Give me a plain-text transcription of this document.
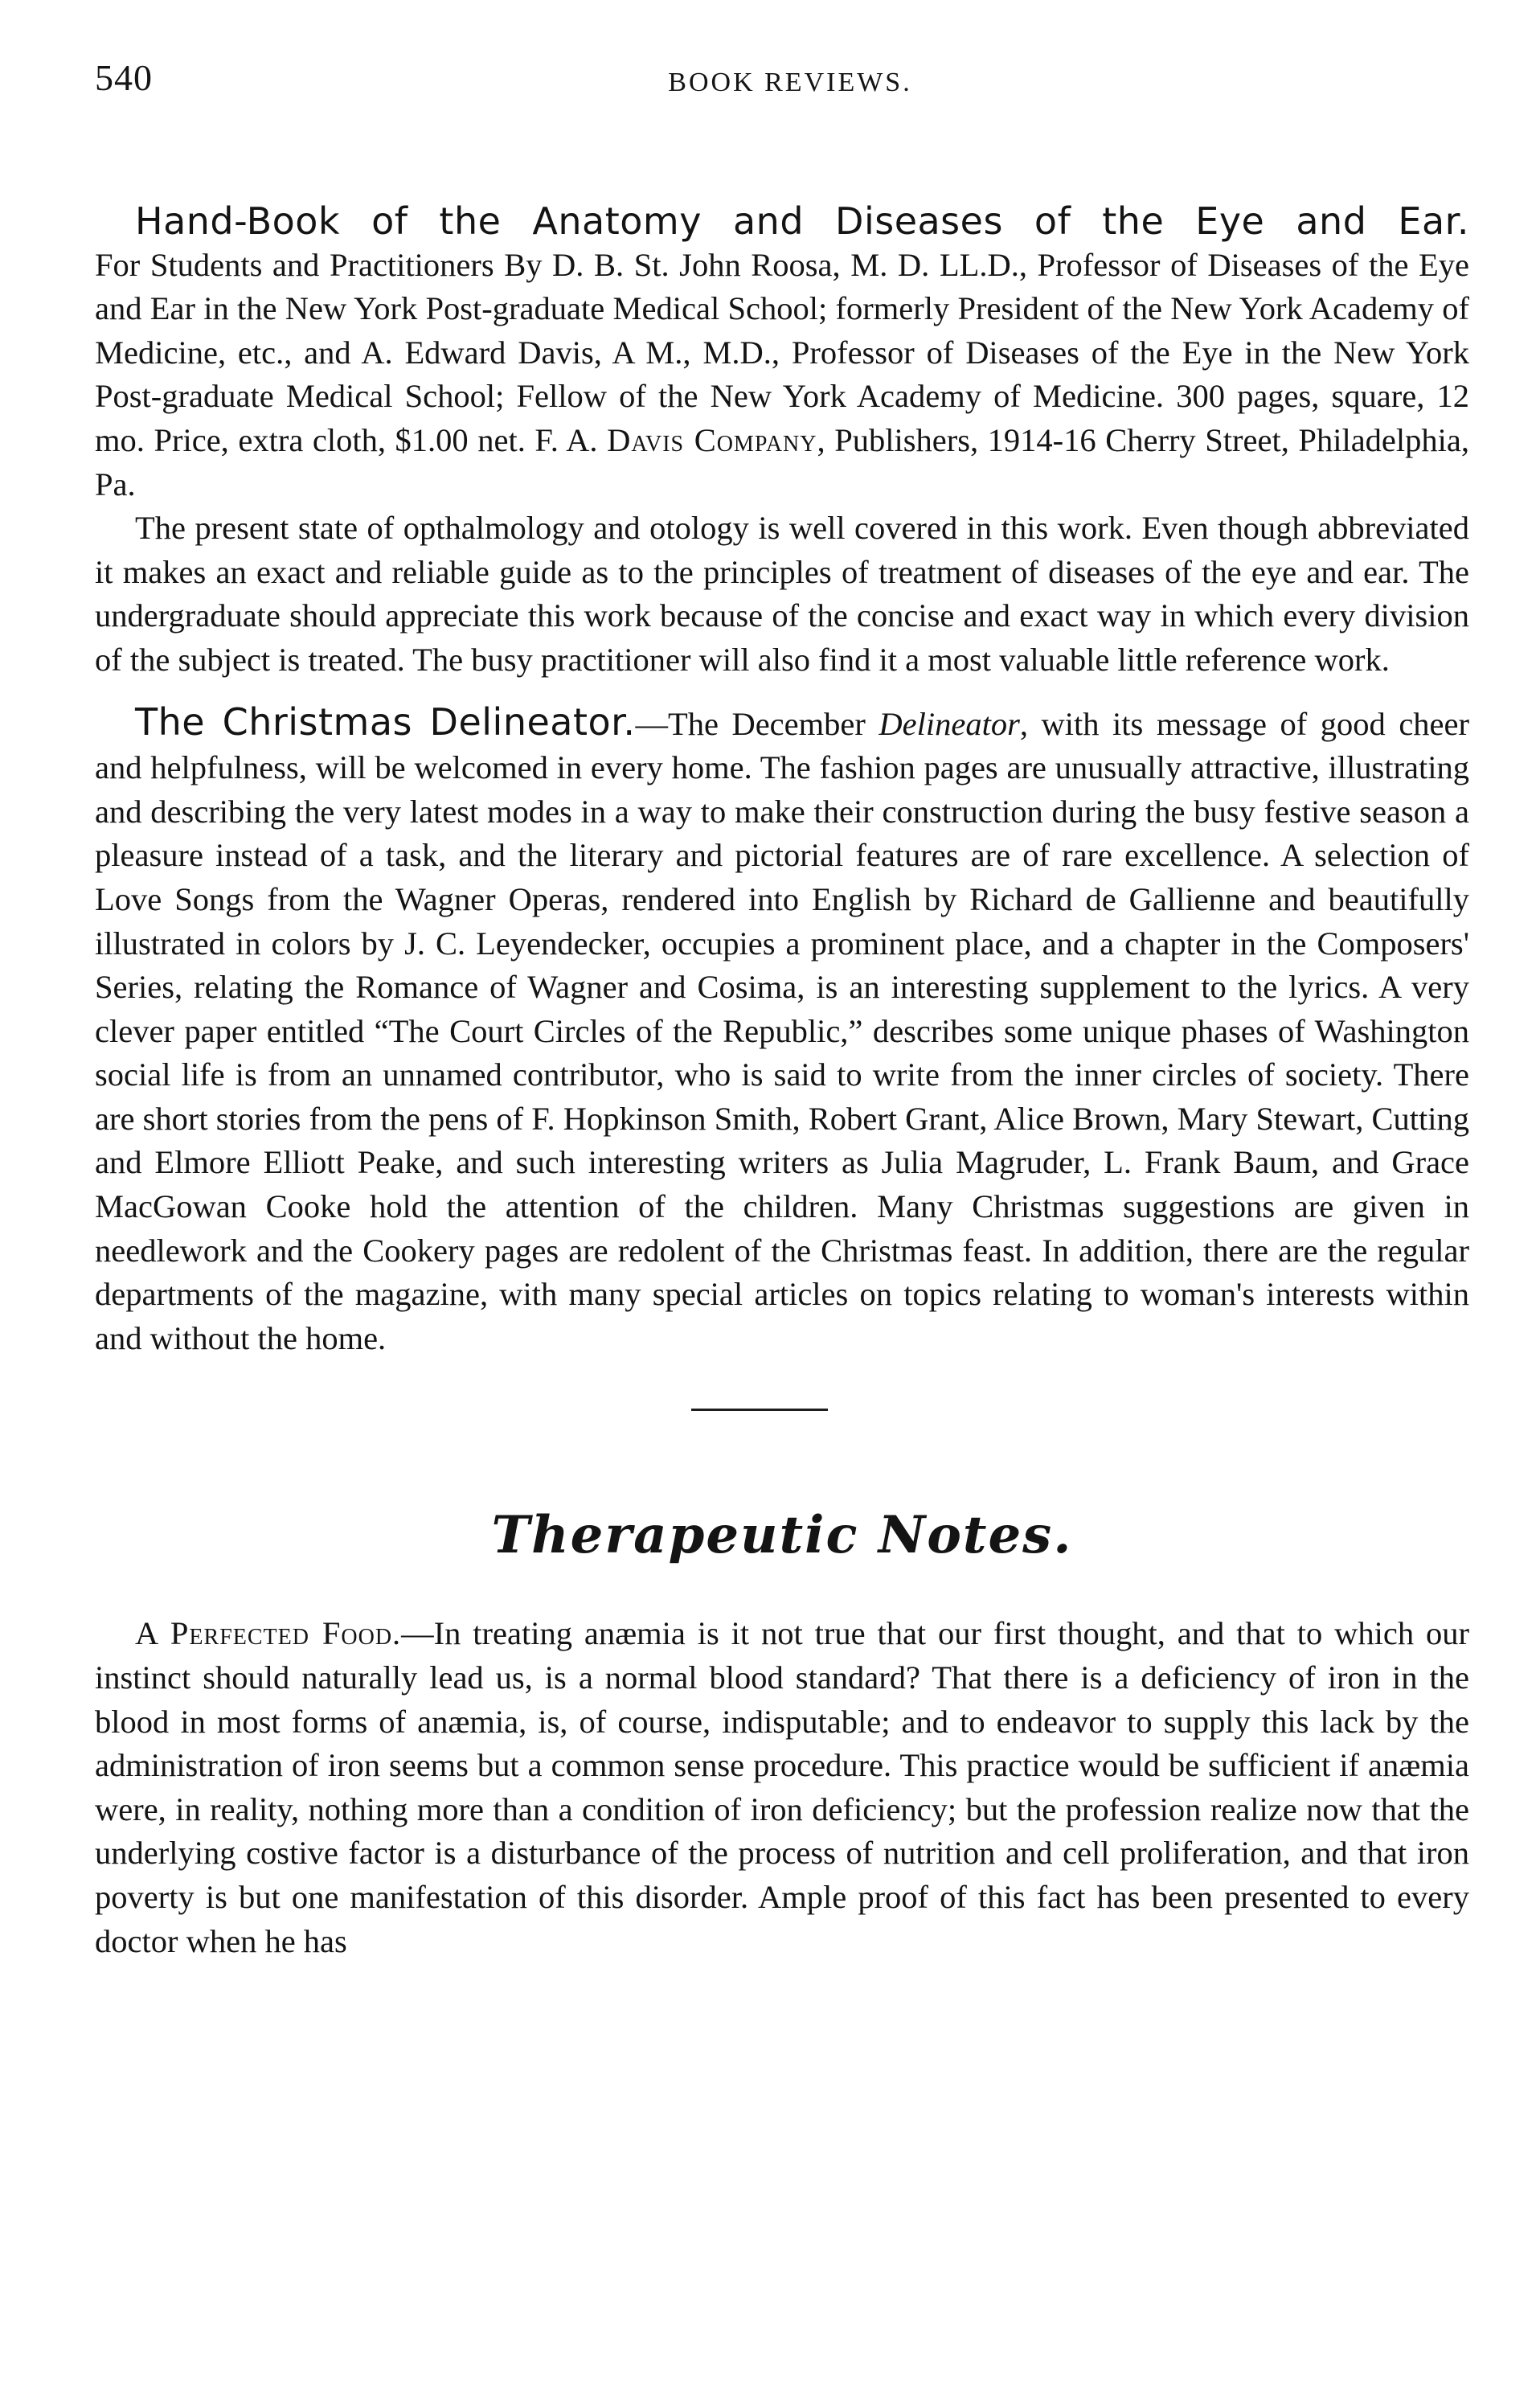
540	BOOK REVIEWS.

Hand-Book of the Anatomy and Diseases of the Eye and Ear.
For Students and Practitioners By D. B. St. John Roosa, M. D. LL.D., Professor of Diseases of the Eye and Ear in the New York Post-graduate Medical School; formerly President of the New York Academy of Medicine, etc., and A. Edward Davis, A M., M.D., Professor of Diseases of the Eye in the New York Post-graduate Medical School; Fellow of the New York Academy of Medicine. 300 pages, square, 12 mo. Price, extra cloth, $1.00 net. F. A. Davis Company, Publishers, 1914-16 Cherry Street, Philadelphia, Pa.

The present state of opthalmology and otology is well covered in this work. Even though abbreviated it makes an exact and reliable guide as to the principles of treatment of diseases of the eye and ear. The undergraduate should appreciate this work because of the concise and exact way in which every division of the subject is treated. The busy practitioner will also find it a most valuable little reference work.

The Christmas Delineator.—The December Delineator, with its message of good cheer and helpfulness, will be welcomed in every home. The fashion pages are unusually attractive, illustrating and describing the very latest modes in a way to make their construction during the busy festive season a pleasure instead of a task, and the literary and pictorial features are of rare excellence. A selection of Love Songs from the Wagner Operas, rendered into English by Richard de Gallienne and beautifully illustrated in colors by J. C. Leyendecker, occupies a prominent place, and a chapter in the Composers' Series, relating the Romance of Wagner and Cosima, is an interesting supplement to the lyrics. A very clever paper entitled “The Court Circles of the Republic,” describes some unique phases of Washington social life is from an unnamed contributor, who is said to write from the inner circles of society. There are short stories from the pens of F. Hopkinson Smith, Robert Grant, Alice Brown, Mary Stewart, Cutting and Elmore Elliott Peake, and such interesting writers as Julia Magruder, L. Frank Baum, and Grace MacGowan Cooke hold the attention of the children. Many Christmas suggestions are given in needlework and the Cookery pages are redolent of the Christmas feast. In addition, there are the regular departments of the magazine, with many special articles on topics relating to woman's interests within and without the home.

Therapeutic Notes.

A Perfected Food.—In treating anæmia is it not true that our first thought, and that to which our instinct should naturally lead us, is a normal blood standard? That there is a deficiency of iron in the blood in most forms of anæmia, is, of course, indisputable; and to endeavor to supply this lack by the administration of iron seems but a common sense procedure. This practice would be sufficient if anæmia were, in reality, nothing more than a condition of iron deficiency; but the profession realize now that the underlying costive factor is a disturbance of the process of nutrition and cell proliferation, and that iron poverty is but one manifestation of this disorder. Ample proof of this fact has been presented to every doctor when he has
